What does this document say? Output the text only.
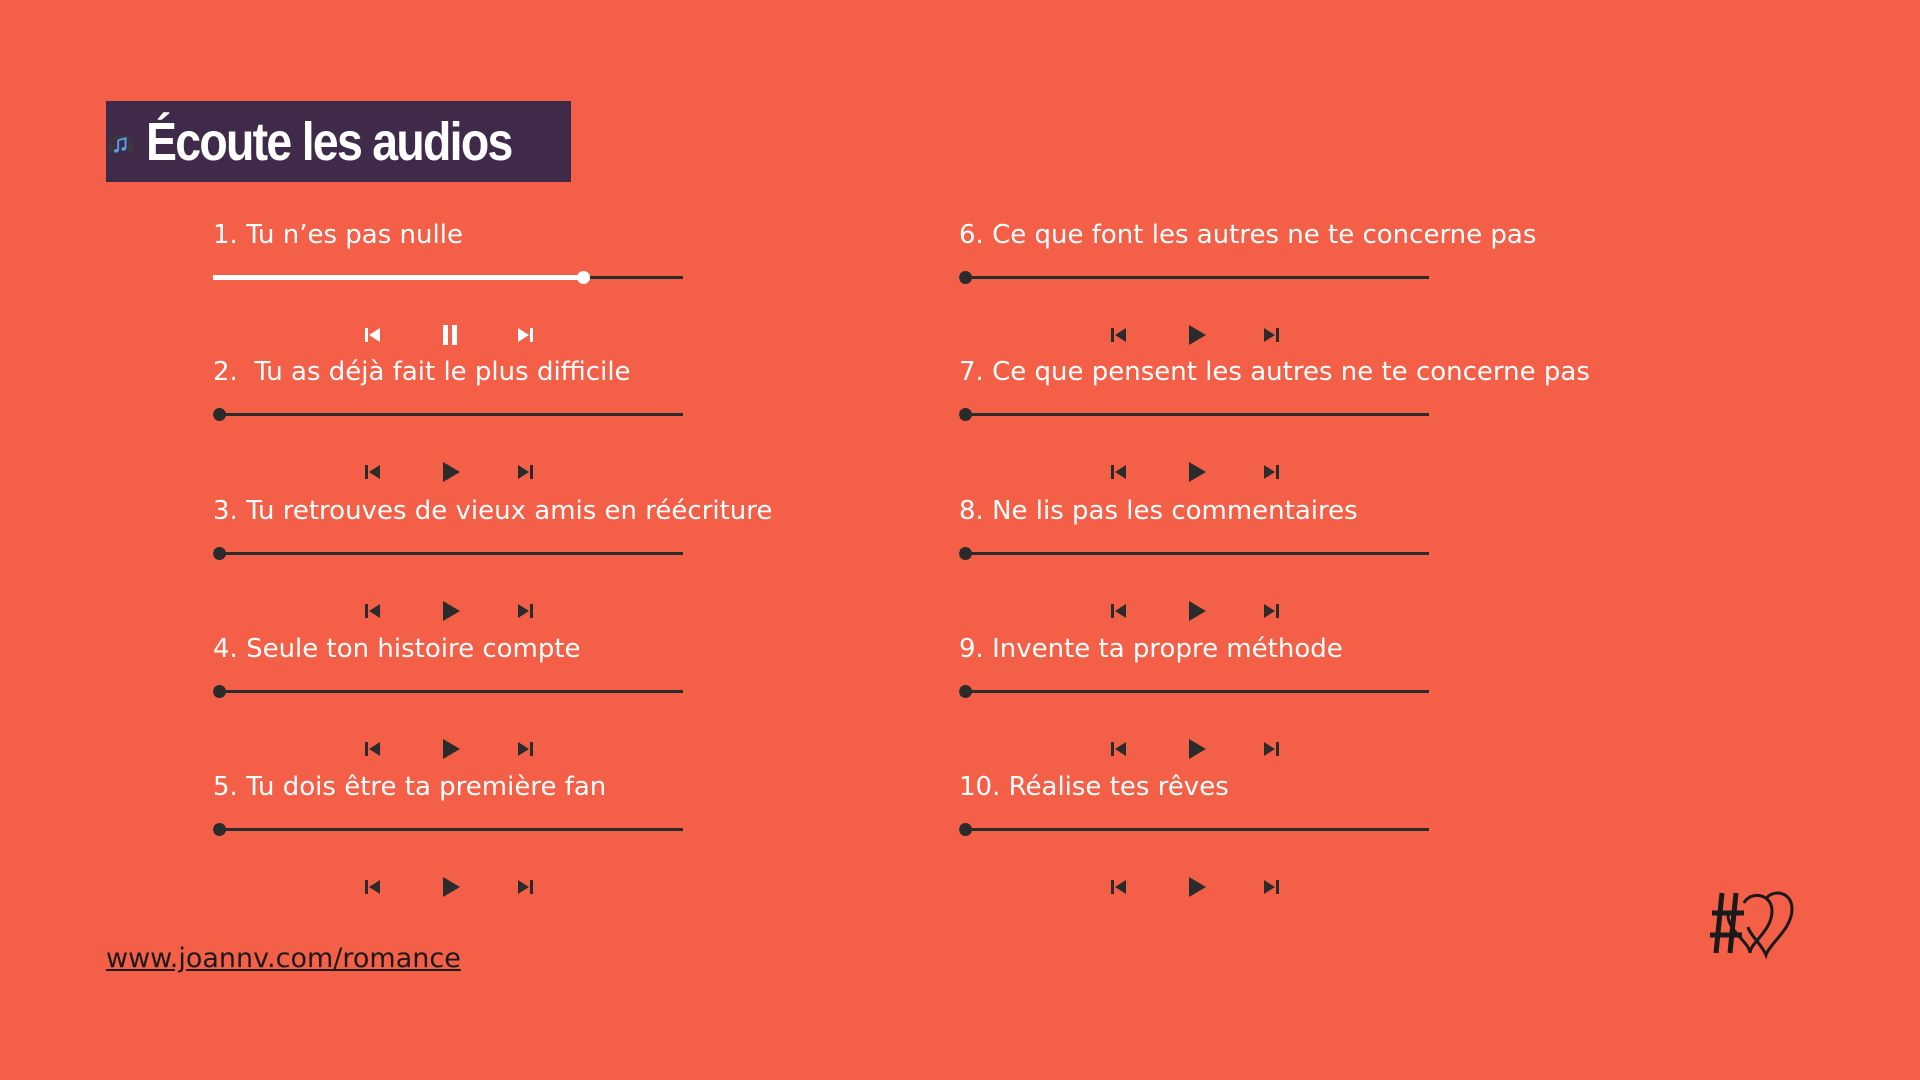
Écoute les audios
1. Tu n’es pas nulle
2.  Tu as déjà fait le plus difficile
3. Tu retrouves de vieux amis en réécriture
4. Seule ton histoire compte
5. Tu dois être ta première fan
6. Ce que font les autres ne te concerne pas
7. Ce que pensent les autres ne te concerne pas
8. Ne lis pas les commentaires
9. Invente ta propre méthode
10. Réalise tes rêves
www.joannv.com/romance
